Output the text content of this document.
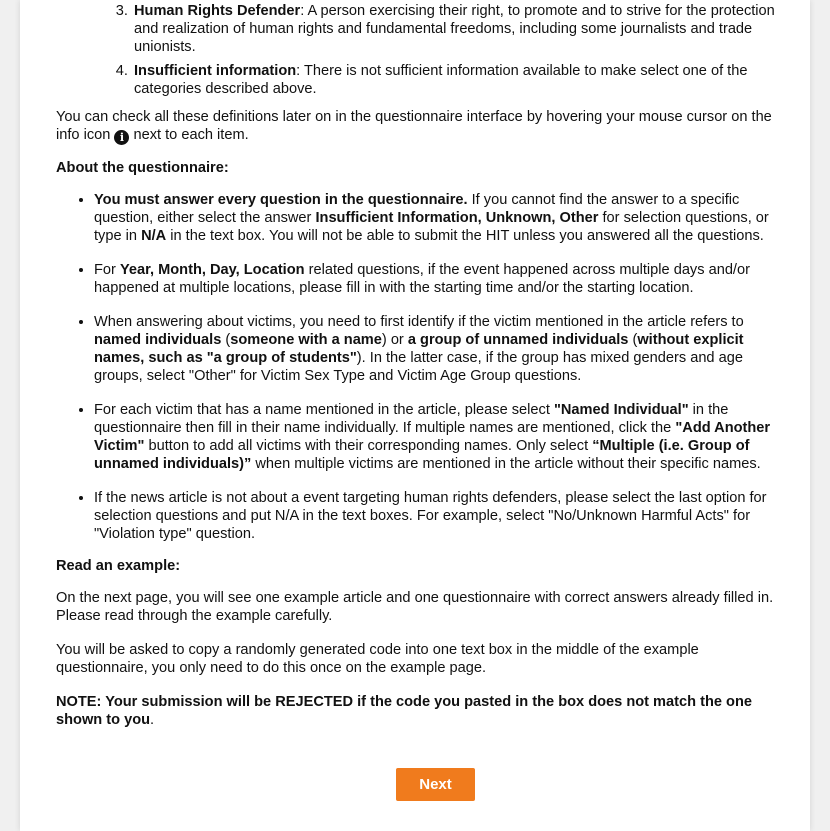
3. Human Rights Defender: A person exercising their right, to promote and to strive for the protection and realization of human rights and fundamental freedoms, including some journalists and trade unionists.
4. Insufficient information: There is not sufficient information available to make select one of the categories described above.

You can check all these definitions later on in the questionnaire interface by hovering your mouse cursor on the info icon i next to each item.

About the questionnaire:

• You must answer every question in the questionnaire. If you cannot find the answer to a specific question, either select the answer Insufficient Information, Unknown, Other for selection questions, or type in N/A in the text box. You will not be able to submit the HIT unless you answered all the questions.
• For Year, Month, Day, Location related questions, if the event happened across multiple days and/or happened at multiple locations, please fill in with the starting time and/or the starting location.
• When answering about victims, you need to first identify if the victim mentioned in the article refers to named individuals (someone with a name) or a group of unnamed individuals (without explicit names, such as "a group of students"). In the latter case, if the group has mixed genders and age groups, select "Other" for Victim Sex Type and Victim Age Group questions.
• For each victim that has a name mentioned in the article, please select "Named Individual" in the questionnaire then fill in their name individually. If multiple names are mentioned, click the "Add Another Victim" button to add all victims with their corresponding names. Only select “Multiple (i.e. Group of unnamed individuals)” when multiple victims are mentioned in the article without their specific names.
• If the news article is not about a event targeting human rights defenders, please select the last option for selection questions and put N/A in the text boxes. For example, select "No/Unknown Harmful Acts" for "Violation type" question.

Read an example:

On the next page, you will see one example article and one questionnaire with correct answers already filled in. Please read through the example carefully.

You will be asked to copy a randomly generated code into one text box in the middle of the example questionnaire, you only need to do this once on the example page.

NOTE: Your submission will be REJECTED if the code you pasted in the box does not match the one shown to you.

Next
